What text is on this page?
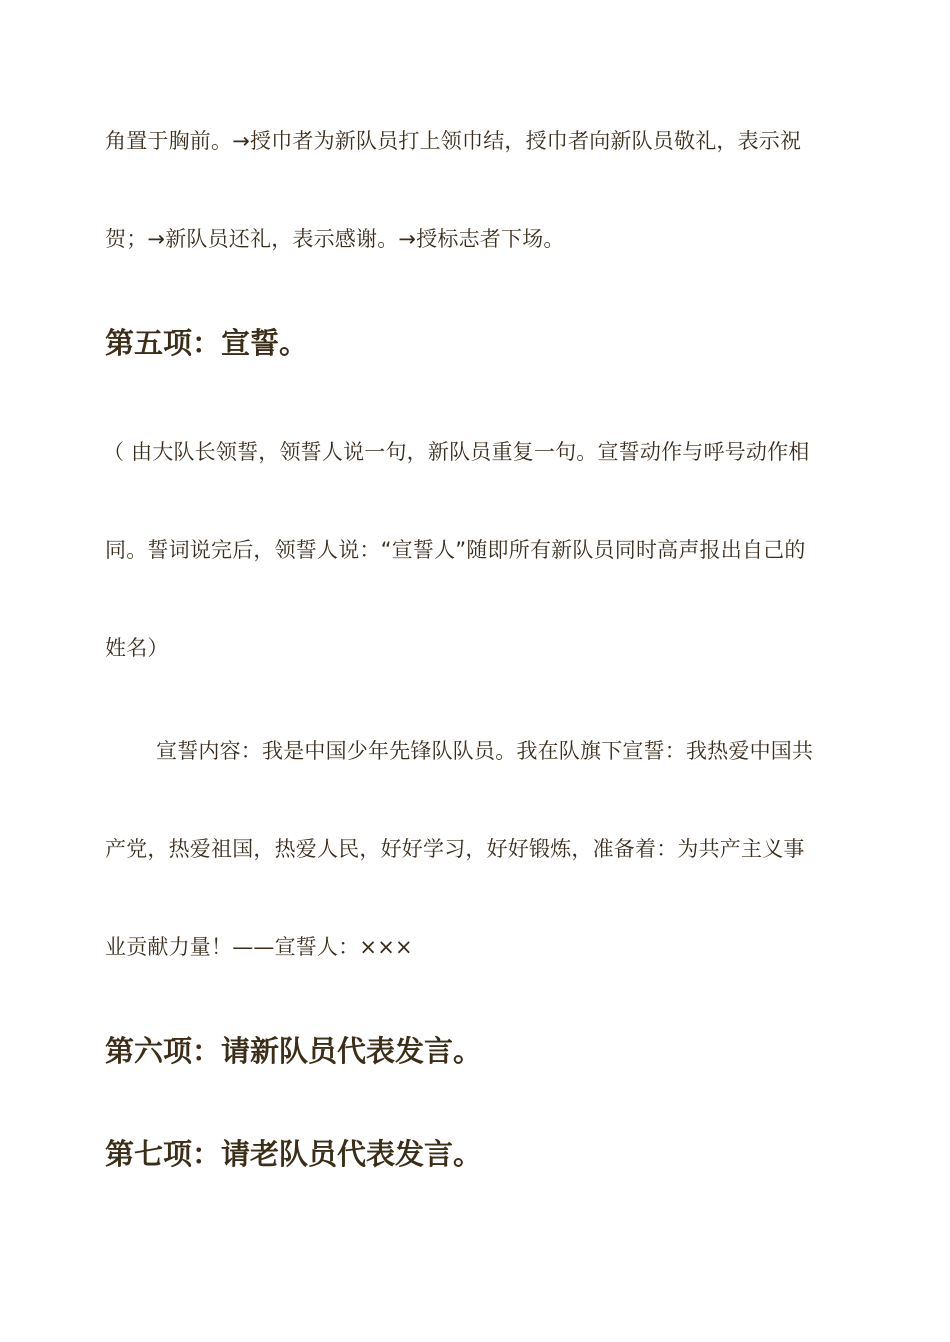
角置于胸前。→授巾者为新队员打上领巾结，授巾者向新队员敬礼，表示祝

贺；→新队员还礼，表示感谢。→授标志者下场。

第五项：宣誓。

（ 由大队长领誓，领誓人说一句，新队员重复一句。宣誓动作与呼号动作相

同。誓词说完后，领誓人说：“宣誓人”随即所有新队员同时高声报出自己的

姓名）

宣誓内容：我是中国少年先锋队队员。我在队旗下宣誓：我热爱中国共

产党，热爱祖国，热爱人民，好好学习，好好锻炼，准备着：为共产主义事

业贡献力量！——宣誓人：×××

第六项：请新队员代表发言。
第七项：请老队员代表发言。
